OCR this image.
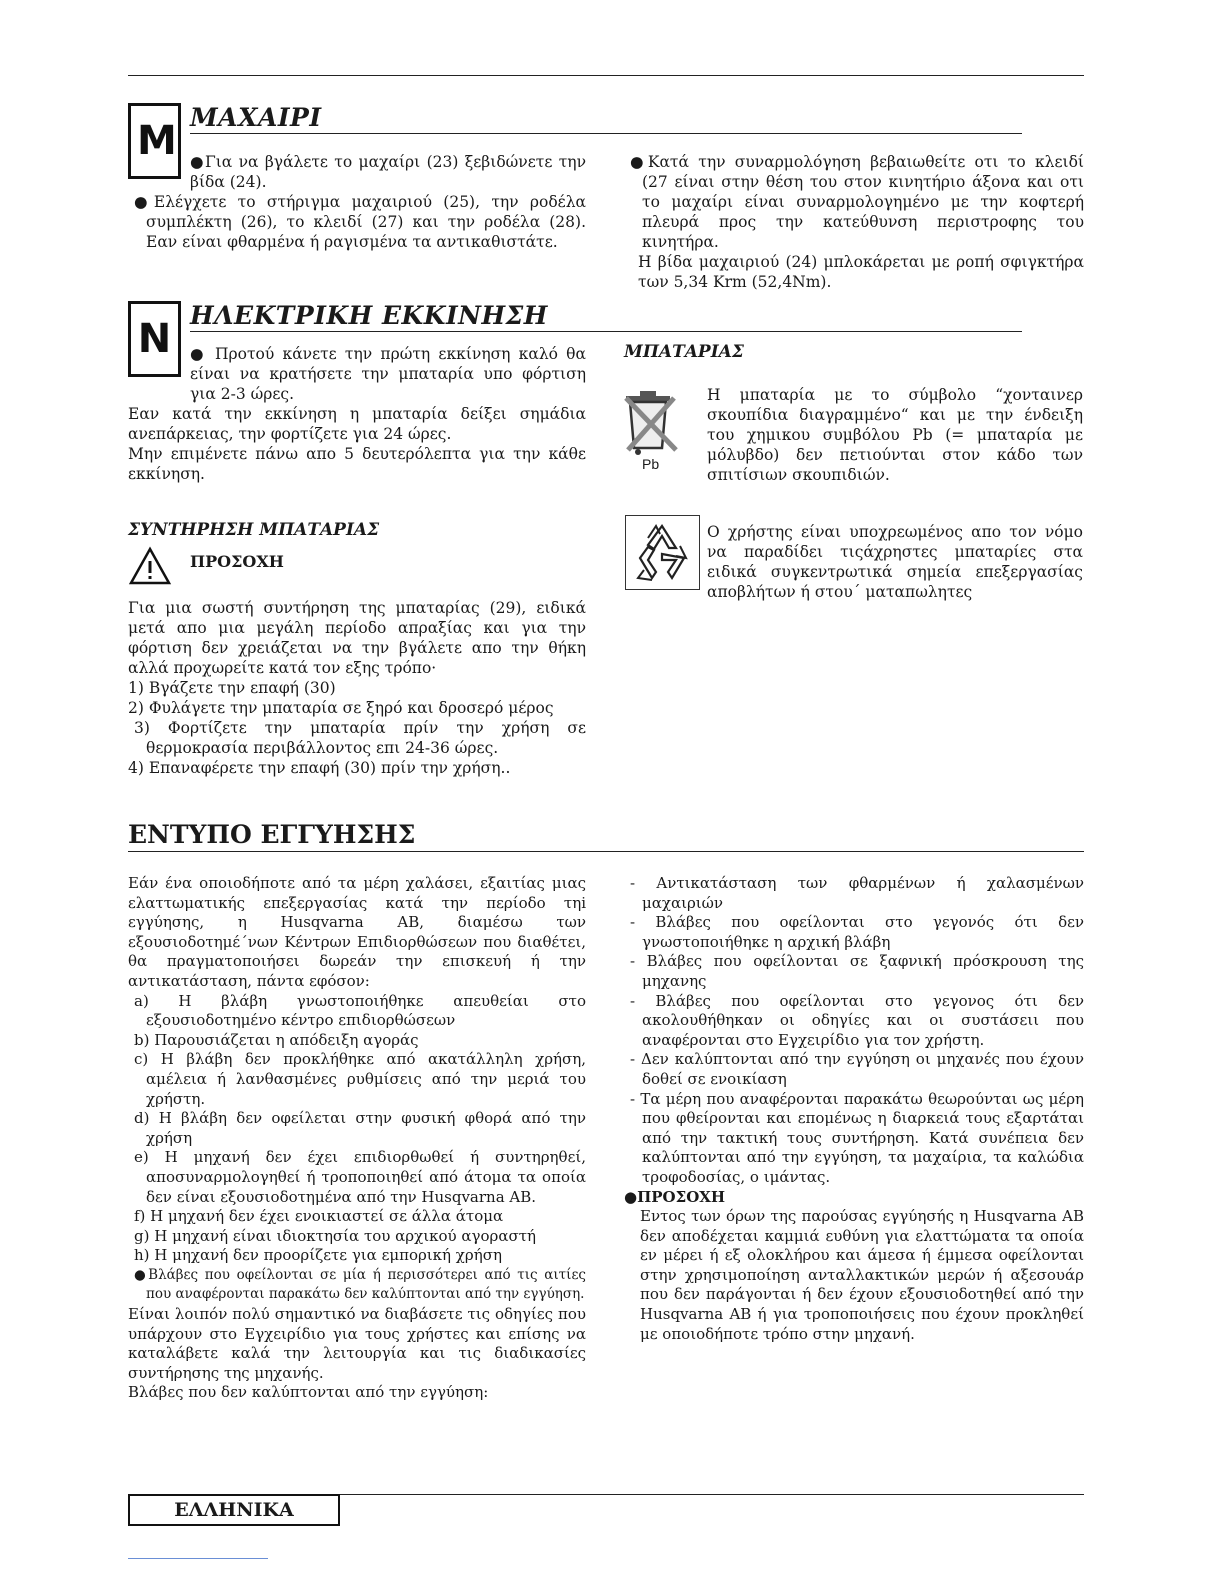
M
ΜΑΧΑΙΡΙ

●Για να βγάλετε το μαχαίρι (23) ξεβιδώνετε την βίδα (24).

●Ελέγχετε το στήριγμα μαχαιριού (25), την ροδέλα συμπλέκτη (26), το κλειδί (27) και την ροδέλα (28). Εαν είναι φθαρμένα ή ραγισμένα τα αντικαθιστάτε.

●Κατά την συναρμολόγηση βεβαιωθείτε οτι το κλειδί (27 είναι στην θέση του στον κινητήριο άξονα και οτι το μαχαίρι είναι συναρμολογημένο με την κοφτερή πλευρά προς την κατεύθυνση περιστροφης του κινητήρα.

Η βίδα μαχαιριού (24) μπλοκάρεται με ροπή σφιγκτήρα των 5,34 Krm (52,4Nm).

N
ΗΛΕΚΤΡΙΚΗ ΕΚΚΙΝΗΣΗ

● Προτού κάνετε την πρώτη εκκίνηση καλό θα είναι να κρατήσετε την μπαταρία υπο φόρτιση για 2-3 ώρες.

Εαν κατά την εκκίνηση η μπαταρία δείξει σημάδια ανεπάρκειας, την φορτίζετε για 24 ώρες.

Μην επιμένετε πάνω απο 5 δευτερόλεπτα για την κάθε εκκίνηση.

ΜΠΑΤΑΡΙΑΣ
Pb
Η μπαταρία με το σύμβολο “χονταινερ σκουπίδια διαγραμμένο“ και με την ένδειξη του χημικου συμβόλου Pb (= μπαταρία με μόλυβδο) δεν πετιούνται στον κάδο των σπιτίσιων σκουπιδιών.
Ο χρήστης είναι υποχρεωμένος απο τον νόμο να παραδίδει τιςάχρηστες μπαταρίες στα ειδικά συγκεντρωτικά σημεία επεξεργασίας αποβλήτων ή στου΄ ματαπωλητες
ΣΥΝΤΗΡΗΣΗ ΜΠΑΤΑΡΙΑΣ
ΠΡΟΣΟΧΗ

Για μια σωστή συντήρηση της μπαταρίας (29), ειδικά μετά απο μια μεγάλη περίοδο απραξίας και για την φόρτιση δεν χρειάζεται να την βγάλετε απο την θήκη αλλά προχωρείτε κατά τον εξης τρόπο·

1) Βγάζετε την επαφή (30)

2) Φυλάγετε την μπαταρία σε ξηρό και δροσερό μέρος

3) Φορτίζετε την μπαταρία πρίν την χρήση σε θερμοκρασία περιβάλλοντος επι 24-36 ώρες.

4) Επαναφέρετε την επαφή (30) πρίν την χρήση..

ΕΝΤΥΠΟ ΕΓΓΥΗΣΗΣ

Εάν ένα οποιοδήποτε από τα μέρη χαλάσει, εξαιτίας μιας ελαττωματικής επεξεργασίας κατά την περίοδο τηi εγγύησης, η Husqvarna AB, διαμέσω των εξουσιοδοτημέ΄νων Κέντρων Επιδιορθώσεων που διαθέτει, θα πραγματοποιήσει δωρεάν την επισκευή ή την αντικατάσταση, πάντα εφόσον:

a) Η βλάβη γνωστοποιήθηκε απευθείαι στο εξουσιοδοτημένο κέντρο επιδιορθώσεων

b) Παρουσιάζεται η απόδειξη αγοράς

c) Η βλάβη δεν προκλήθηκε από ακατάλληλη χρήση, αμέλεια ή λανθασμένες ρυθμίσεις από την μεριά του χρήστη.

d) Η βλάβη δεν οφείλεται στην φυσική φθορά από την χρήση

e) Η μηχανή δεν έχει επιδιορθωθεί ή συντηρηθεί, αποσυναρμολογηθεί ή τροποποιηθεί από άτομα τα οποία δεν είναι εξουσιοδοτημένα από την Husqvarna AB.

f) Η μηχανή δεν έχει ενοικιαστεί σε άλλα άτομα

g) Η μηχανή είναι ιδιοκτησία του αρχικού αγοραστή

h) Η μηχανή δεν προορίζετε για εμπορική χρήση

●Βλάβες που οφείλονται σε μία ή περισσότερει από τις αιτίες που αναφέρονται παρακάτω δεν καλύπτονται από την εγγύηση.

Είναι λοιπόν πολύ σημαντικό να διαβάσετε τις οδηγίες που υπάρχουν στο Εγχειρίδιο για τους χρήστες και επίσης να καταλάβετε καλά την λειτουργία και τις διαδικασίες συντήρησης της μηχανής.

Βλάβες που δεν καλύπτονται από την εγγύηση:

- Αντικατάσταση των φθαρμένων ή χαλασμένων μαχαιριών

- Βλάβες που οφείλονται στο γεγονός ότι δεν γνωστοποιήθηκε η αρχική βλάβη

- Βλάβες που οφείλονται σε ξαφνική πρόσκρουση της μηχανης

- Βλάβες που οφείλονται στο γεγονος ότι δεν ακολουθήθηκαν οι οδηγίες και οι συστάσειι που αναφέρονται στο Εγχειρίδιο για τον χρήστη.

- Δεν καλύπτονται από την εγγύηση οι μηχανές που έχουν δοθεί σε ενοικίαση

- Τα μέρη που αναφέρονται παρακάτω θεωρούνται ως μέρη που φθείρονται και επομένως η διαρκειά τους εξαρτάται από την τακτική τους συντήρηση. Κατά συνέπεια δεν καλύπτονται από την εγγύηση, τα μαχαίρια, τα καλώδια τροφοδοσίας, ο ιμάντας.

●ΠΡΟΣΟΧΗ

Εντος των όρων της παρούσας εγγύησής η Husqvarna AB δεν αποδέχεται καμμιά ευθύνη για ελαττώματα τα οποία εν μέρει ή εξ ολοκλήρου και άμεσα ή έμμεσα οφείλονται στην χρησιμοποίηση ανταλλακτικών μερών ή αξεσουάρ που δεν παράγονται ή δεν έχουν εξουσιοδοτηθεί από την Husqvarna AB ή για τροποποιήσεις που έχουν προκληθεί με οποιοδήποτε τρόπο στην μηχανή.

ΕΛΛΗΝΙΚΑ
